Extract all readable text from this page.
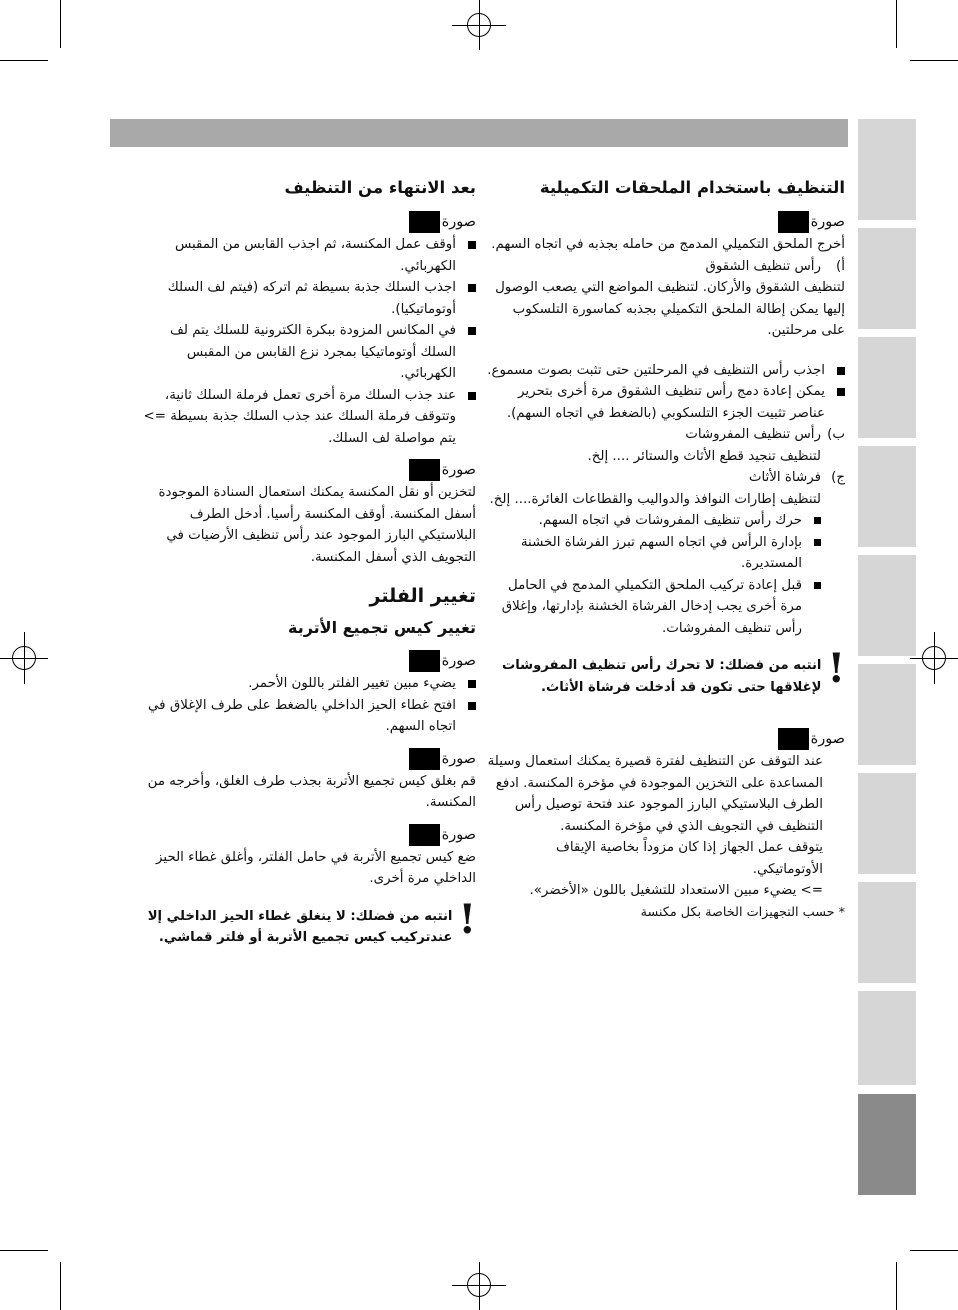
التنظيف باستخدام الملحقات التكميلية
صورة
أخرج الملحق التكميلي المدمج من حامله بجذبه في اتجاه السهم.
أ)
رأس تنظيف الشقوق
لتنظيف الشقوق والأركان. لتنظيف المواضع التي يصعب الوصول إليها يمكن إطالة الملحق التكميلي بجذبه كماسورة التلسكوب على مرحلتين.
اجذب رأس التنظيف في المرحلتين حتى تثبت بصوت مسموع.
يمكن إعادة دمج رأس تنظيف الشقوق مرة أخرى بتحرير عناصر تثبيت الجزء التلسكوبي (بالضغط في اتجاه السهم).
ب)
رأس تنظيف المفروشات
لتنظيف تنجيد قطع الأثاث والستائر .... إلخ.
ج)
فرشاة الأثاث
لتنظيف إطارات النوافذ والدواليب والقطاعات الغائرة.... إلخ.
حرك رأس تنظيف المفروشات في اتجاه السهم.
بإدارة الرأس في اتجاه السهم تبرز الفرشاة الخشنة المستديرة.
قبل إعادة تركيب الملحق التكميلي المدمج في الحامل مرة أخرى يجب إدخال الفرشاة الخشنة بإدارتها، وإغلاق رأس تنظيف المفروشات.
!
انتبه من فضلك: لا تحرك رأس تنظيف المفروشات لإغلاقها حتى تكون قد أدخلت فرشاة الأثاث.
صورة
عند التوقف عن التنظيف لفترة قصيرة يمكنك استعمال وسيلة المساعدة على التخزين الموجودة في مؤخرة المكنسة. ادفع الطرف البلاستيكي البارز الموجود عند فتحة توصيل رأس التنظيف في التجويف الذي في مؤخرة المكنسة.
يتوقف عمل الجهاز إذا كان مزوداً بخاصية الإيقاف الأوتوماتيكي.
=> يضيء مبين الاستعداد للتشغيل باللون «الأخضر».
* حسب التجهيزات الخاصة بكل مكنسة
بعد الانتهاء من التنظيف
صورة
أوقف عمل المكنسة، ثم اجذب القابس من المقبس الكهربائي.
اجذب السلك جذبة بسيطة ثم اتركه (فيتم لف السلك أوتوماتيكيا).
في المكانس المزودة ببكرة الكترونية للسلك يتم لف السلك أوتوماتيكيا بمجرد نزع القابس من المقبس الكهربائي.
عند جذب السلك مرة أخرى تعمل فرملة السلك ثانية، وتتوقف فرملة السلك عند جذب السلك جذبة بسيطة => يتم مواصلة لف السلك.
صورة
لتخزين أو نقل المكنسة يمكنك استعمال السنادة الموجودة أسفل المكنسة. أوقف المكنسة رأسيا. أدخل الطرف البلاستيكي البارز الموجود عند رأس تنظيف الأرضيات في التجويف الذي أسفل المكنسة.
تغيير الفلتر
تغيير كيس تجميع الأتربة
صورة
يضيء مبين تغيير الفلتر باللون الأحمر.
افتح غطاء الحيز الداخلي بالضغط على طرف الإغلاق في اتجاه السهم.
صورة
قم بغلق كيس تجميع الأتربة بجذب طرف الغلق، وأخرجه من المكنسة.
صورة
ضع كيس تجميع الأتربة في حامل الفلتر، وأغلق غطاء الحيز الداخلي مرة أخرى.
!
انتبه من فضلك: لا ينغلق غطاء الحيز الداخلي إلا عندتركيب كيس تجميع الأتربة أو فلتر قماشي.
